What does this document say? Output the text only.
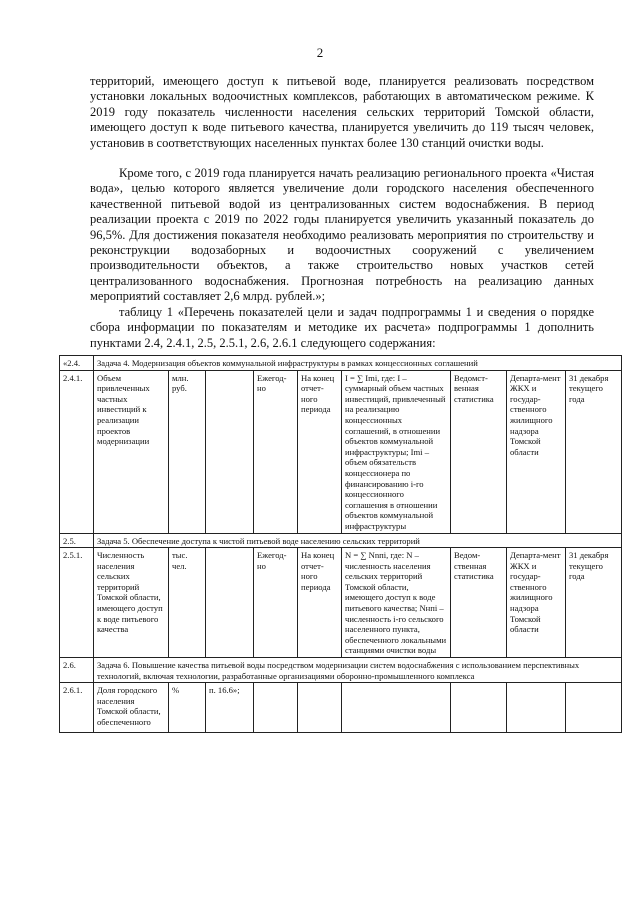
2

территорий, имеющего доступ к питьевой воде, планируется реализовать посредством установки локальных водоочистных комплексов, работающих в автоматическом режиме. К 2019 году показатель численности населения сельских территорий Томской области, имеющего доступ к воде питьевого качества, планируется увеличить до 119 тысяч человек, установив в соответствующих населенных пунктах более 130 станций очистки воды.

Кроме того, с 2019 года планируется начать реализацию регионального проекта «Чистая вода», целью которого является увеличение доли городского населения обеспеченного качественной питьевой водой из централизованных систем водоснабжения. В период реализации проекта с 2019 по 2022 годы планируется увеличить указанный показатель до 96,5%. Для достижения показателя необходимо реализовать мероприятия по строительству и реконструкции водозаборных и водоочистных сооружений с увеличением производительности объектов, а также строительство новых участков сетей централизованного водоснабжения. Прогнозная потребность на реализацию данных мероприятий составляет 2,6 млрд. рублей.»;

таблицу 1 «Перечень показателей цели и задач подпрограммы 1 и сведения о порядке сбора информации по показателям и методике их расчета» подпрограммы 1 дополнить пунктами 2.4, 2.4.1, 2.5, 2.5.1, 2.6, 2.6.1 следующего содержания:

«2.4.	Задача 4. Модернизация объектов коммунальной инфраструктуры в рамках концессионных соглашений								
2.4.1.	Объем привлеченных частных инвестиций к реализации проектов модернизации	млн. руб.		Ежегод-но	На конец отчет-ного периода	I = ∑ Imi, где: I – суммарный объем частных инвестиций, привлеченный на реализацию концессионных соглашений, в отношении объектов коммунальной инфраструктуры; Imi – объем обязательств концессионера по финансированию i-го концессионного соглашения в отношении объектов коммунальной инфраструктуры	Ведомст-венная статистика	Департа-мент ЖКХ и государ-ственного жилищного надзора Томской области	31 декабря текущего года
2.5.	Задача 5. Обеспечение доступа к чистой питьевой воде населению сельских территорий								
2.5.1.	Численность населения сельских территорий Томской области, имеющего доступ к воде питьевого качества	тыс. чел.		Ежегод-но	На конец отчет-ного периода	N = ∑ Nnпi, где: N – численность населения сельских территорий Томской области, имеющего доступ к воде питьевого качества; Nнпi – численность i-го сельского населенного пункта, обеспеченного локальными станциями очистки воды	Ведом-ственная статистика	Департа-мент ЖКХ и государ-ственного жилищного надзора Томской области	31 декабря текущего года
2.6.	Задача 6. Повышение качества питьевой воды посредством модернизации систем водоснабжения с использованием перспективных технологий, включая технологии, разработанные организациями оборонно-промышленного комплекса								
2.6.1.	Доля городского населения Томской области, обеспеченного	%	п. 16.6»;						
